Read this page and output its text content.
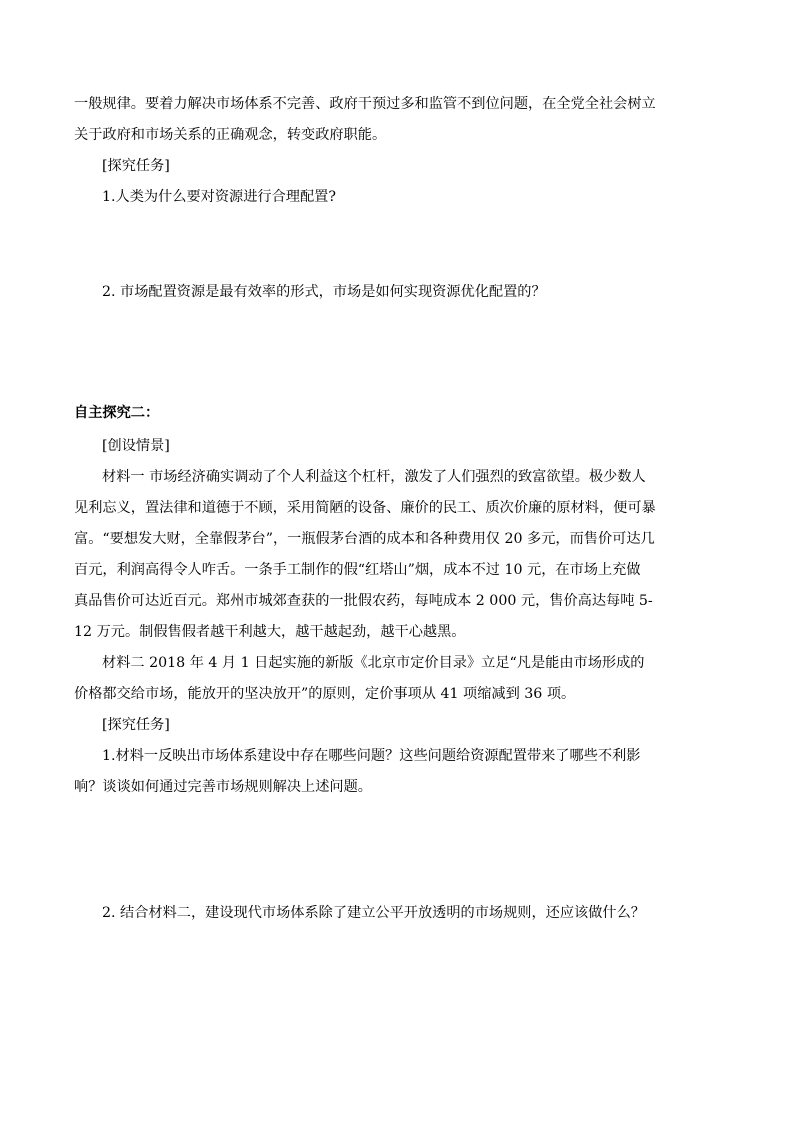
一般规律。要着力解决市场体系不完善、政府干预过多和监管不到位问题，在全党全社会树立
关于政府和市场关系的正确观念，转变政府职能。
[探究任务]
1.人类为什么要对资源进行合理配置?
2. 市场配置资源是最有效率的形式，市场是如何实现资源优化配置的？
自主探究二：
[创设情景]
材料一 市场经济确实调动了个人利益这个杠杆，激发了人们强烈的致富欲望。极少数人
见利忘义，置法律和道德于不顾，采用简陋的设备、廉价的民工、质次价廉的原材料，便可暴
富。“要想发大财，全靠假茅台”，一瓶假茅台酒的成本和各种费用仅 20 多元，而售价可达几
百元，利润高得令人咋舌。一条手工制作的假“红塔山”烟，成本不过 10 元，在市场上充做
真品售价可达近百元。郑州市城郊查获的一批假农药，每吨成本 2 000 元，售价高达每吨 5-
12 万元。制假售假者越干利越大，越干越起劲，越干心越黑。
材料二 2018 年 4 月 1 日起实施的新版《北京市定价目录》立足“凡是能由市场形成的
价格都交给市场，能放开的坚决放开”的原则，定价事项从 41 项缩减到 36 项。
[探究任务]
1.材料一反映出市场体系建设中存在哪些问题？这些问题给资源配置带来了哪些不利影
响？谈谈如何通过完善市场规则解决上述问题。
2. 结合材料二，建设现代市场体系除了建立公平开放透明的市场规则，还应该做什么？
